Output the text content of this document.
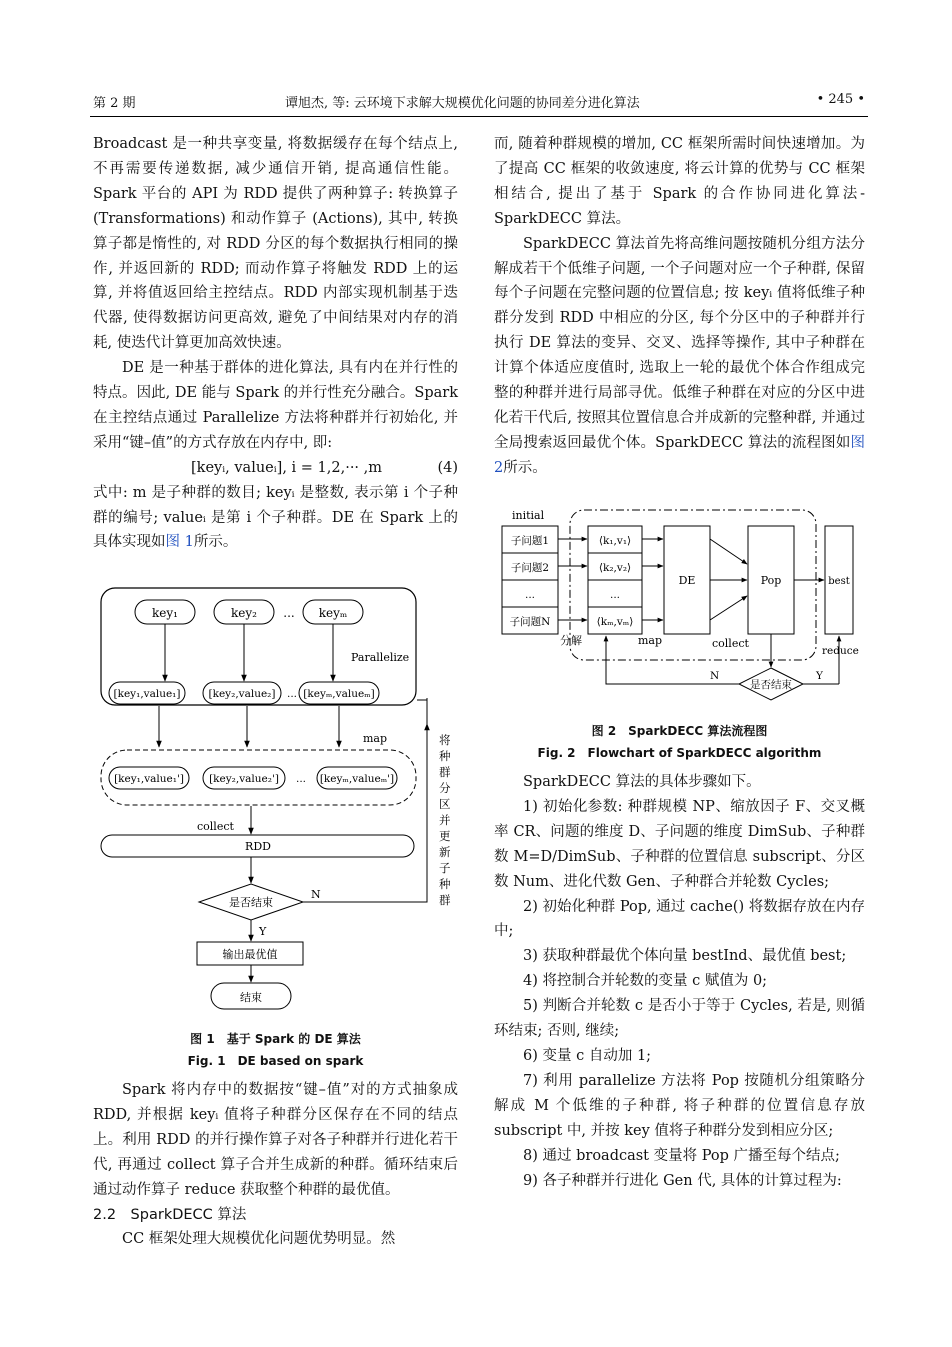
第 2 期	谭旭杰, 等: 云环境下求解大规模优化问题的协同差分进化算法	• 245 •

Broadcast 是一种共享变量, 将数据缓存在每个结点上, 不再需要传递数据, 减少通信开销, 提高通信性能。Spark 平台的 API 为 RDD 提供了两种算子: 转换算子 (Transformations) 和动作算子 (Actions), 其中, 转换算子都是惰性的, 对 RDD 分区的每个数据执行相同的操作, 并返回新的 RDD; 而动作算子将触发 RDD 上的运算, 并将值返回给主控结点。RDD 内部实现机制基于迭代器, 使得数据访问更高效, 避免了中间结果对内存的消耗, 使迭代计算更加高效快速。

DE 是一种基于群体的进化算法, 具有内在并行性的特点。因此, DE 能与 Spark 的并行性充分融合。Spark 在主控结点通过 Parallelize 方法将种群并行初始化, 并采用“键–值”的方式存放在内存中, 即:

[keyᵢ, valueᵢ], i = 1,2,··· ,m	(4)

式中: m 是子种群的数目; keyᵢ 是整数, 表示第 i 个子种群的编号; valueᵢ 是第 i 个子种群。DE 在 Spark 上的具体实现如图 1所示。

key₁	key₂ ... keyₘ
Parallelize
[key₁,value₁]	[key₂,value₂] ... [keyₘ,valueₘ]
map
[key₁,value₁'] [key₂,value₂'] ... [keyₘ,valueₘ']
collect
RDD
是否结束
N
Y
将种群分区并更新子种群
输出最优值
结束
图 1　基于 Spark 的 DE 算法
Fig. 1　DE based on spark

Spark 将内存中的数据按“键–值”对的方式抽象成 RDD, 并根据 keyᵢ 值将子种群分区保存在不同的结点上。利用 RDD 的并行操作算子对各子种群并行进化若干代, 再通过 collect 算子合并生成新的种群。循环结束后通过动作算子 reduce 获取整个种群的最优值。

2.2　SparkDECC 算法

CC 框架处理大规模优化问题优势明显。然

而, 随着种群规模的增加, CC 框架所需时间快速增加。为了提高 CC 框架的收敛速度, 将云计算的优势与 CC 框架相结合, 提出了基于 Spark 的合作协同进化算法-SparkDECC 算法。

SparkDECC 算法首先将高维问题按随机分组方法分解成若干个低维子问题, 一个子问题对应一个子种群, 保留每个子问题在完整问题的位置信息; 按 keyᵢ 值将低维子种群分发到 RDD 中相应的分区, 每个分区中的子种群并行执行 DE 算法的变异、交叉、选择等操作, 其中子种群在计算个体适应度值时, 选取上一轮的最优个体合作组成完整的种群并进行局部寻优。低维子种群在对应的分区中进化若干代后, 按照其位置信息合并成新的完整种群, 并通过全局搜索返回最优个体。SparkDECC 算法的流程图如图 2所示。

initial
子问题1
子问题2
...
子问题N
⟨k₁,v₁⟩
⟨k₂,v₂⟩
...
⟨kₘ,vₘ⟩
DE	Pop	best
分解	map	collect
reduce
是否结束
Y
N
图 2　SparkDECC 算法流程图
Fig. 2　Flowchart of SparkDECC algorithm

SparkDECC 算法的具体步骤如下。

1) 初始化参数: 种群规模 NP、缩放因子 F、交叉概率 CR、问题的维度 D、子问题的维度 DimSub、子种群数 M=D/DimSub、子种群的位置信息 subscript、分区数 Num、进化代数 Gen、子种群合并轮数 Cycles;

2) 初始化种群 Pop, 通过 cache() 将数据存放在内存中;

3) 获取种群最优个体向量 bestInd、最优值 best;

4) 将控制合并轮数的变量 c 赋值为 0;

5) 判断合并轮数 c 是否小于等于 Cycles, 若是, 则循环结束; 否则, 继续;

6) 变量 c 自动加 1;

7) 利用 parallelize 方法将 Pop 按随机分组策略分解成 M 个低维的子种群, 将子种群的位置信息存放 subscript 中, 并按 key 值将子种群分发到相应分区;

8) 通过 broadcast 变量将 Pop 广播至每个结点;

9) 各子种群并行进化 Gen 代, 具体的计算过程为:
